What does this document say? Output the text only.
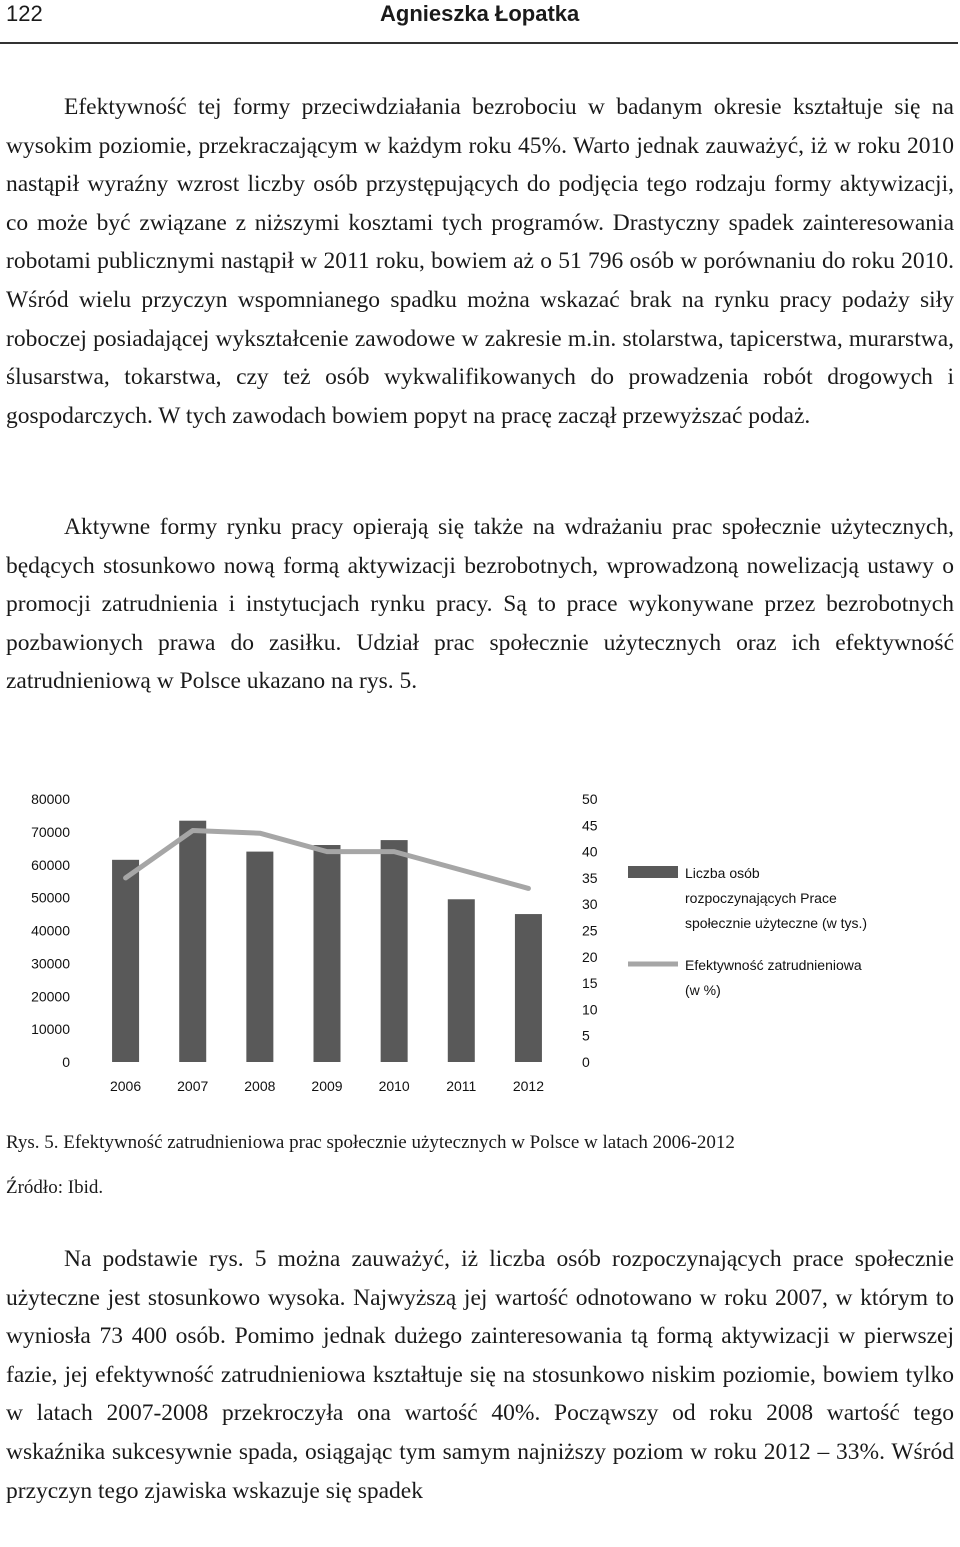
122	Agnieszka Łopatka

Efektywność tej formy przeciwdziałania bezrobociu w badanym okresie kształtuje się na wysokim poziomie, przekraczającym w każdym roku 45%. Warto jednak zauważyć, iż w roku 2010 nastąpił wyraźny wzrost liczby osób przystępujących do podjęcia tego rodzaju formy aktywizacji, co może być związane z niższymi kosztami tych programów. Drastyczny spadek zainteresowania robotami publicznymi nastąpił w 2011 roku, bowiem aż o 51 796 osób w porównaniu do roku 2010. Wśród wielu przyczyn wspomnianego spadku można wskazać brak na rynku pracy podaży siły roboczej posiadającej wykształcenie zawodowe w zakresie m.in. stolarstwa, tapicerstwa, murarstwa, ślusarstwa, tokarstwa, czy też osób wykwalifikowanych do prowadzenia robót drogowych i gospodarczych. W tych zawodach bowiem popyt na pracę zaczął przewyższać podaż.

Aktywne formy rynku pracy opierają się także na wdrażaniu prac społecznie użytecznych, będących stosunkowo nową formą aktywizacji bezrobotnych, wprowadzoną nowelizacją ustawy o promocji zatrudnienia i instytucjach rynku pracy. Są to prace wykonywane przez bezrobotnych pozbawionych prawa do zasiłku. Udział prac społecznie użytecznych oraz ich efektywność zatrudnieniową w Polsce ukazano na rys. 5.

0
10000
20000
30000
40000
50000
60000
70000
80000
0
5
10
15
20
25
30
35
40
45
50
2006	2007	2008	2009	2010	2011	2012
Liczba osób
rozpoczynających Prace
społecznie użyteczne (w tys.)
Efektywność zatrudnieniowa
(w %)
Rys. 5. Efektywność zatrudnieniowa prac społecznie użytecznych w Polsce w latach 2006-2012
Źródło: Ibid.

Na podstawie rys. 5 można zauważyć, iż liczba osób rozpoczynających prace społecznie użyteczne jest stosunkowo wysoka. Najwyższą jej wartość odnotowano w roku 2007, w którym to wyniosła 73 400 osób. Pomimo jednak dużego zainteresowania tą formą aktywizacji w pierwszej fazie, jej efektywność zatrudnieniowa kształtuje się na stosunkowo niskim poziomie, bowiem tylko w latach 2007-2008 przekroczyła ona wartość 40%. Począwszy od roku 2008 wartość tego wskaźnika sukcesywnie spada, osiągając tym samym najniższy poziom w roku 2012 – 33%. Wśród przyczyn tego zjawiska wskazuje się spadek
